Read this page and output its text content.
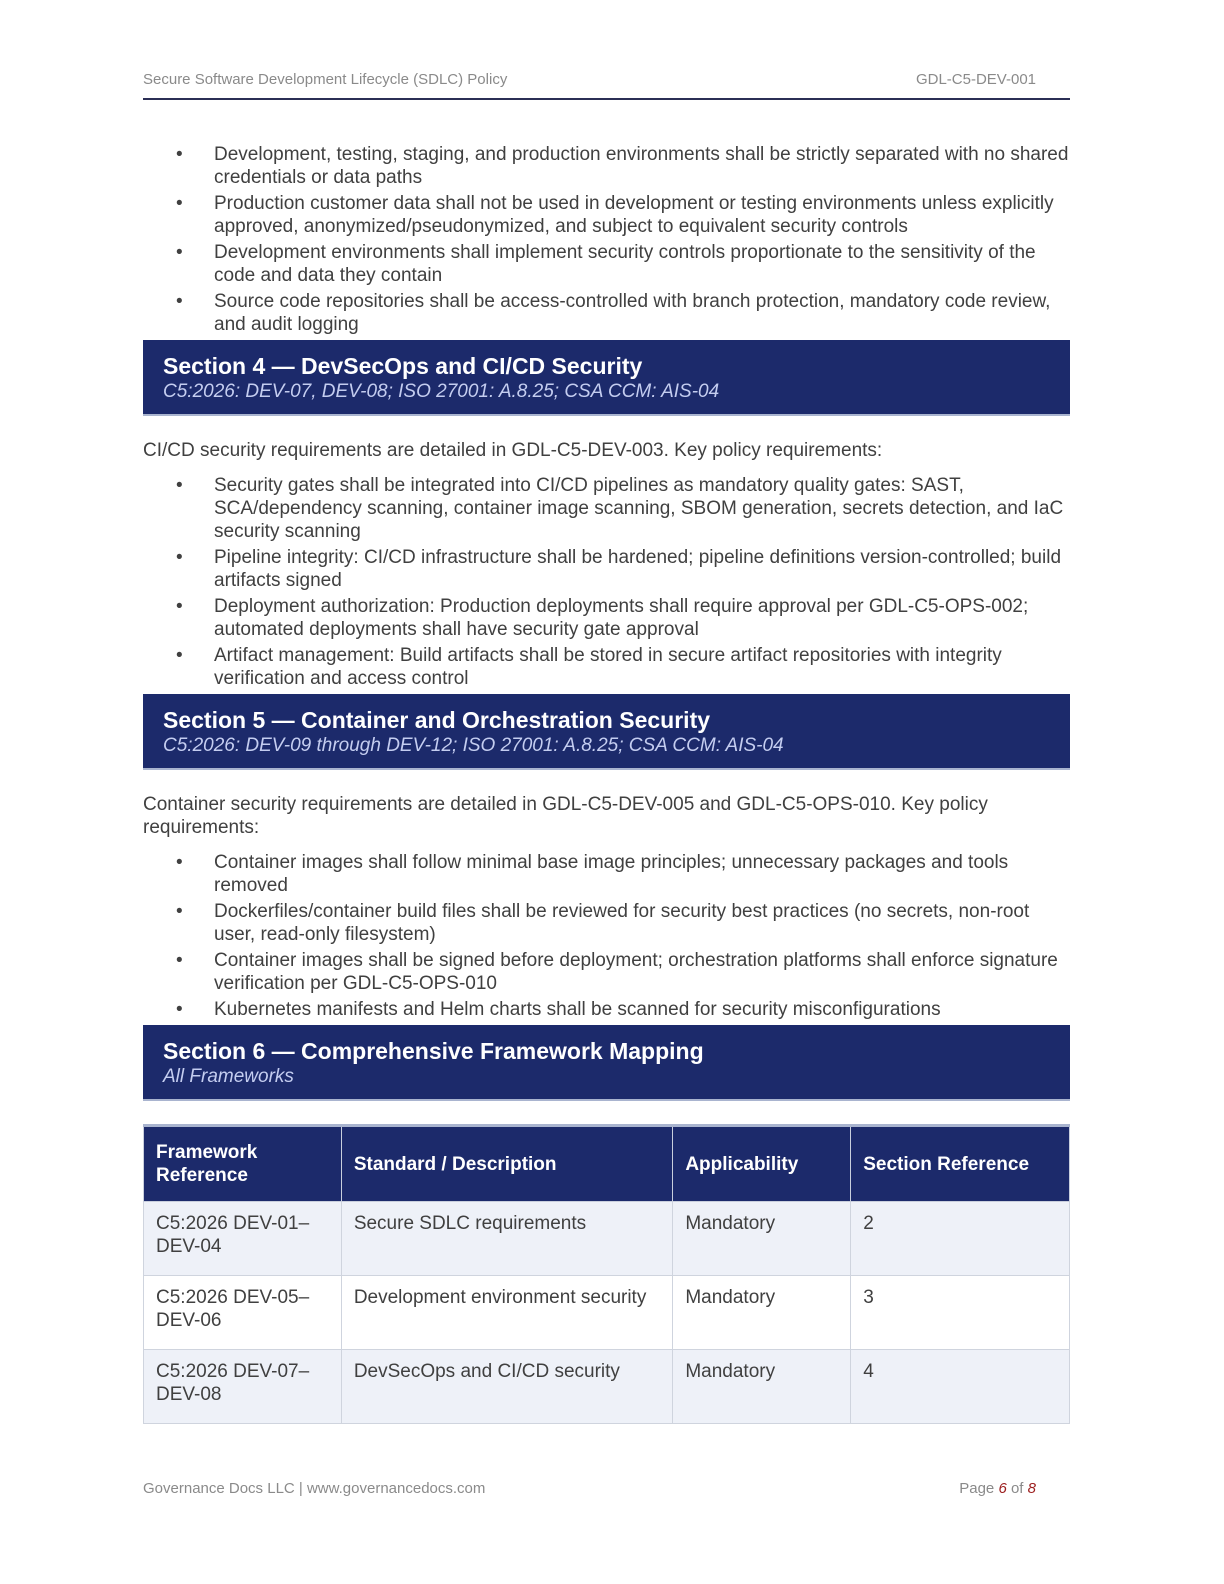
Secure Software Development Lifecycle (SDLC) Policy	GDL-C5-DEV-001
• Development, testing, staging, and production environments shall be strictly separated with no shared credentials or data paths
• Production customer data shall not be used in development or testing environments unless explicitly approved, anonymized/pseudonymized, and subject to equivalent security controls
• Development environments shall implement security controls proportionate to the sensitivity of the code and data they contain
• Source code repositories shall be access-controlled with branch protection, mandatory code review, and audit logging
Section 4 — DevSecOps and CI/CD Security
C5:2026: DEV-07, DEV-08; ISO 27001: A.8.25; CSA CCM: AIS-04
CI/CD security requirements are detailed in GDL-C5-DEV-003. Key policy requirements:
• Security gates shall be integrated into CI/CD pipelines as mandatory quality gates: SAST, SCA/dependency scanning, container image scanning, SBOM generation, secrets detection, and IaC security scanning
• Pipeline integrity: CI/CD infrastructure shall be hardened; pipeline definitions version-controlled; build artifacts signed
• Deployment authorization: Production deployments shall require approval per GDL-C5-OPS-002; automated deployments shall have security gate approval
• Artifact management: Build artifacts shall be stored in secure artifact repositories with integrity verification and access control
Section 5 — Container and Orchestration Security
C5:2026: DEV-09 through DEV-12; ISO 27001: A.8.25; CSA CCM: AIS-04
Container security requirements are detailed in GDL-C5-DEV-005 and GDL-C5-OPS-010. Key policy requirements:
• Container images shall follow minimal base image principles; unnecessary packages and tools removed
• Dockerfiles/container build files shall be reviewed for security best practices (no secrets, non-root user, read-only filesystem)
• Container images shall be signed before deployment; orchestration platforms shall enforce signature verification per GDL-C5-OPS-010
• Kubernetes manifests and Helm charts shall be scanned for security misconfigurations
Section 6 — Comprehensive Framework Mapping
All Frameworks
Framework Reference	Standard / Description	Applicability	Section Reference
C5:2026 DEV-01–DEV-04	Secure SDLC requirements	Mandatory	2
C5:2026 DEV-05–DEV-06	Development environment security	Mandatory	3
C5:2026 DEV-07–DEV-08	DevSecOps and CI/CD security	Mandatory	4
Governance Docs LLC | www.governancedocs.com	Page 6 of 8
